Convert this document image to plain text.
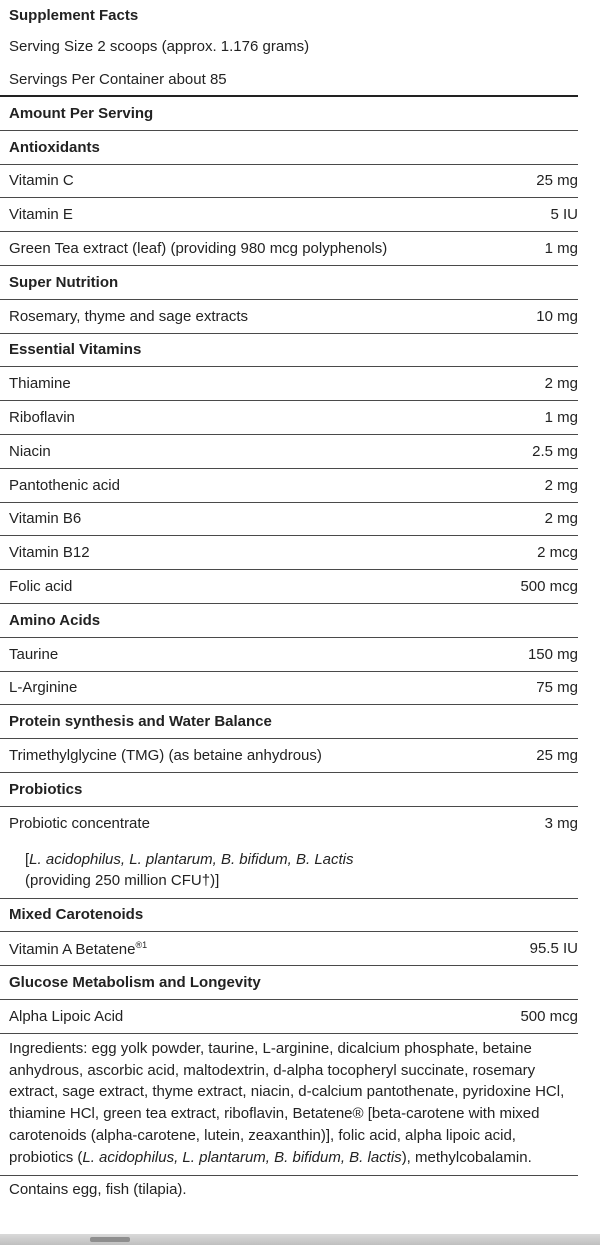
Supplement Facts
Serving Size 2 scoops (approx. 1.176 grams)
Servings Per Container about 85
Amount Per Serving
Antioxidants
Vitamin C	25 mg
Vitamin E	5 IU
Green Tea extract (leaf) (providing 980 mcg polyphenols)	1 mg
Super Nutrition
Rosemary, thyme and sage extracts	10 mg
Essential Vitamins
Thiamine	2 mg
Riboflavin	1 mg
Niacin	2.5 mg
Pantothenic acid	2 mg
Vitamin B6	2 mg
Vitamin B12	2 mcg
Folic acid	500 mcg
Amino Acids
Taurine	150 mg
L-Arginine	75 mg
Protein synthesis and Water Balance
Trimethylglycine (TMG) (as betaine anhydrous)	25 mg
Probiotics
Probiotic concentrate	3 mg
[L. acidophilus, L. plantarum, B. bifidum, B. Lactis
(providing 250 million CFU†)]
Mixed Carotenoids
Vitamin A Betatene$^{®1}$	95.5 IU
Glucose Metabolism and Longevity
Alpha Lipoic Acid	500 mcg
Ingredients: egg yolk powder, taurine, L-arginine, dicalcium phosphate, betaine anhydrous, ascorbic acid, maltodextrin, d-alpha tocopheryl succinate, rosemary extract, sage extract, thyme extract, niacin, d-calcium pantothenate, pyridoxine HCl, thiamine HCl, green tea extract, riboflavin, Betatene® [beta-carotene with mixed carotenoids (alpha-carotene, lutein, zeaxanthin)], folic acid, alpha lipoic acid, probiotics (L. acidophilus, L. plantarum, B. bifidum, B. lactis), methylcobalamin.
Contains egg, fish (tilapia).
